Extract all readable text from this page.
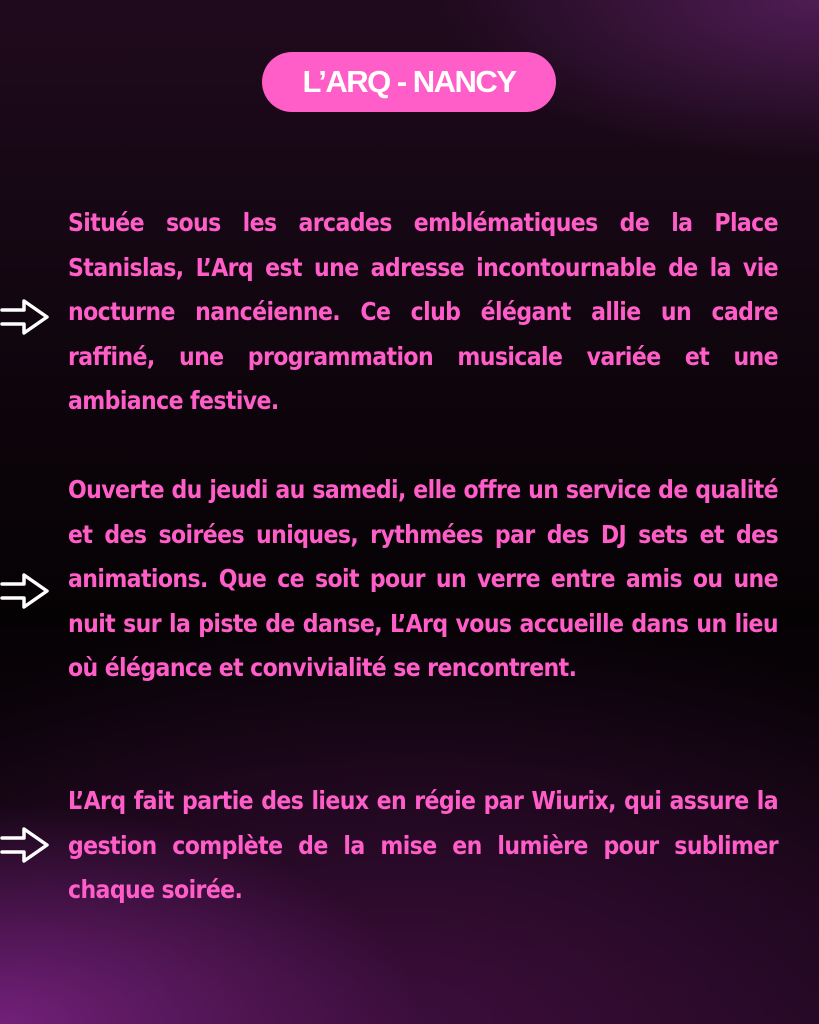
L’ARQ - NANCY

Située sous les arcades emblématiques de la Place Stanislas, L’Arq est une adresse incontournable de la vie nocturne nancéienne. Ce club élégant allie un cadre raffiné, une programmation musicale variée et une ambiance festive.

Ouverte du jeudi au samedi, elle offre un service de qualité et des soirées uniques, rythmées par des DJ sets et des animations. Que ce soit pour un verre entre amis ou une nuit sur la piste de danse, L’Arq vous accueille dans un lieu où élégance et convivialité se rencontrent.

L’Arq fait partie des lieux en régie par Wiurix, qui assure la gestion complète de la mise en lumière pour sublimer chaque soirée.
